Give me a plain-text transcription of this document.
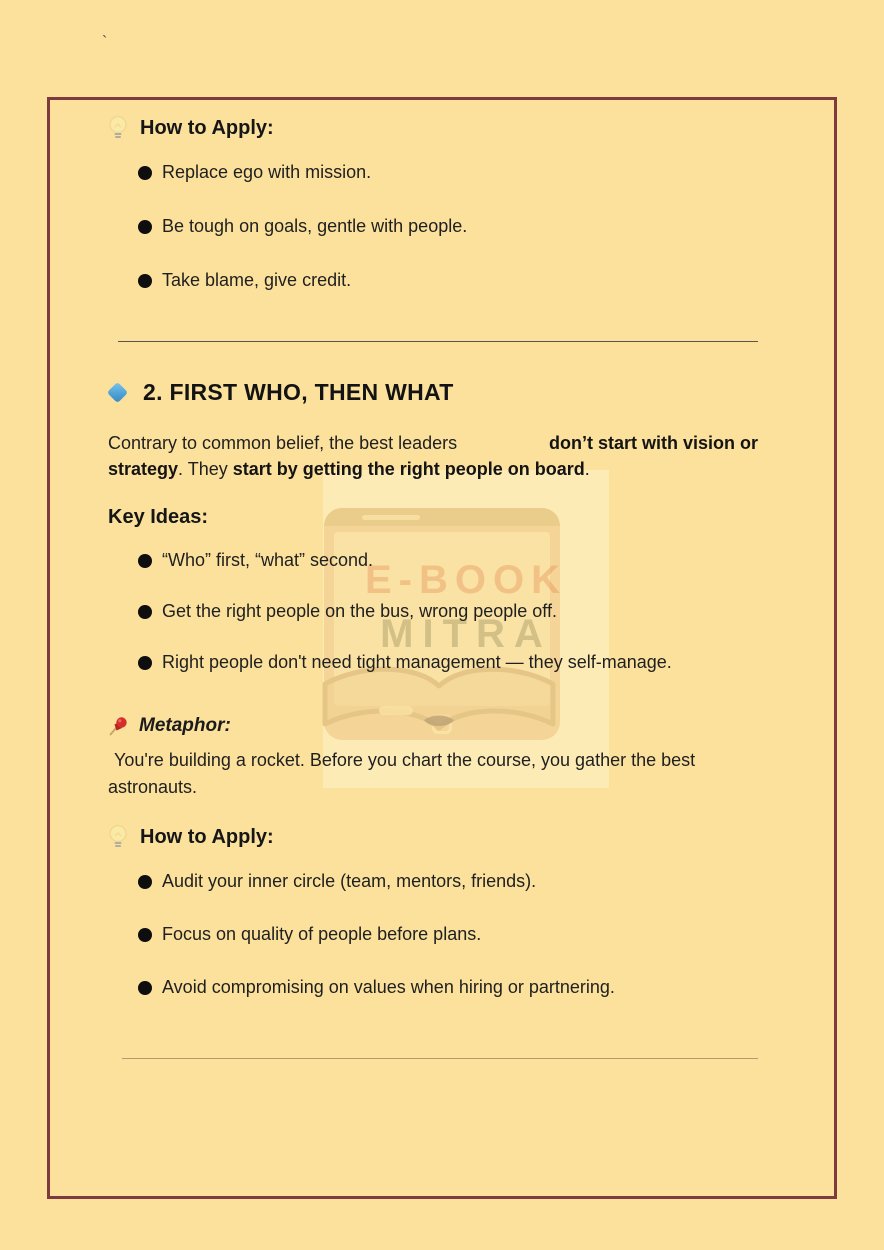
`
E-BOOK
MITRA
How to Apply:
Replace ego with mission.
Be tough on goals, gentle with people.
Take blame, give credit.
2. FIRST WHO, THEN WHAT
Contrary to common belief, the best leaders	don’t start with vision or
strategy. They start by getting the right people on board.
Key Ideas:
“Who” first, “what” second.
Get the right people on the bus, wrong people off.
Right people don't need tight management — they self-manage.
Metaphor:
You're building a rocket. Before you chart the course, you gather the best astronauts.
How to Apply:
Audit your inner circle (team, mentors, friends).
Focus on quality of people before plans.
Avoid compromising on values when hiring or partnering.
